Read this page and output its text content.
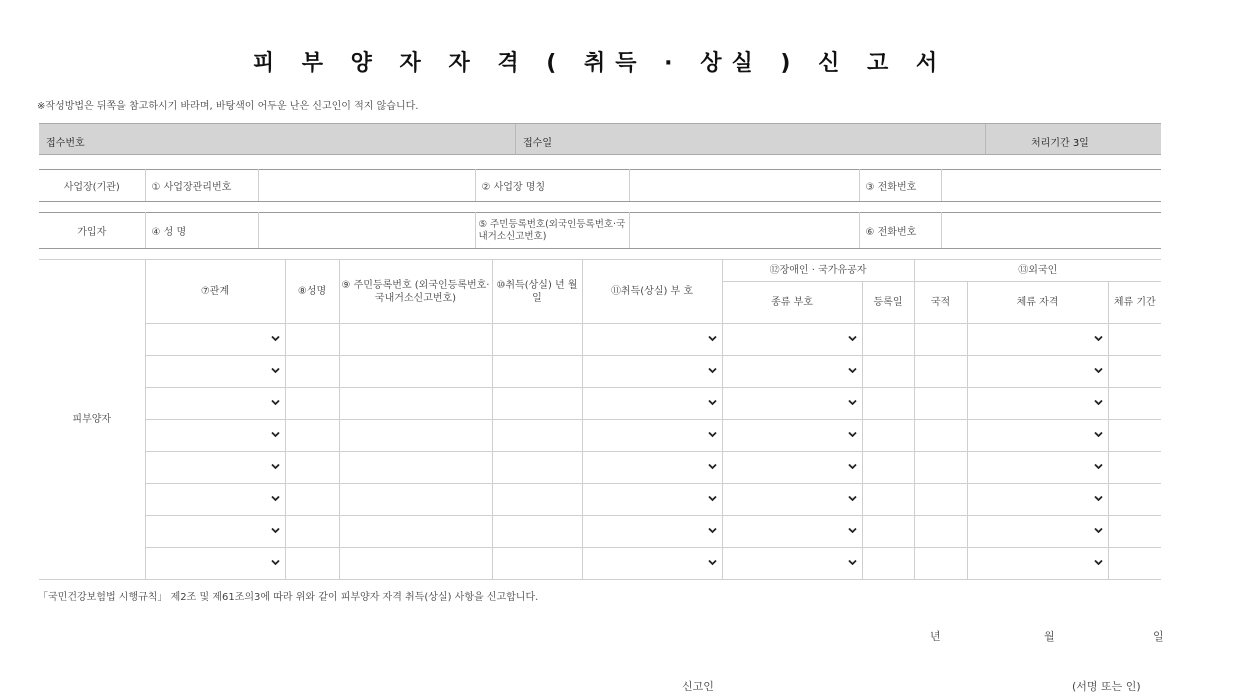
피 부 양 자 자 격 ( 취득 · 상실 ) 신 고 서
※작성방법은 뒤쪽을 참고하시기 바라며, 바탕색이 어두운 난은 신고인이 적지 않습니다.
접수번호	접수일	처리기간 3일
사업장(기관)	① 사업장관리번호		② 사업장 명칭		③ 전화번호	
가입자	④ 성 명		⑤ 주민등록번호(외국인등록번호·국내거소신고번호)		⑥ 전화번호	
피부양자	⑦관계	⑧성명	⑨ 주민등록번호 (외국인등록번호· 국내거소신고번호)	⑩취득(상실) 년 월 일	⑪취득(상실) 부 호	⑫장애인 · 국가유공자		⑬외국인		
						종류 부호	등록일	국적	체류 자격	체류 기간

「국민건강보험법 시행규칙」 제2조 및 제61조의3에 따라 위와 같이 피부양자 자격 취득(상실) 사항을 신고합니다.
년	월	일
신고인	(서명 또는 인)
